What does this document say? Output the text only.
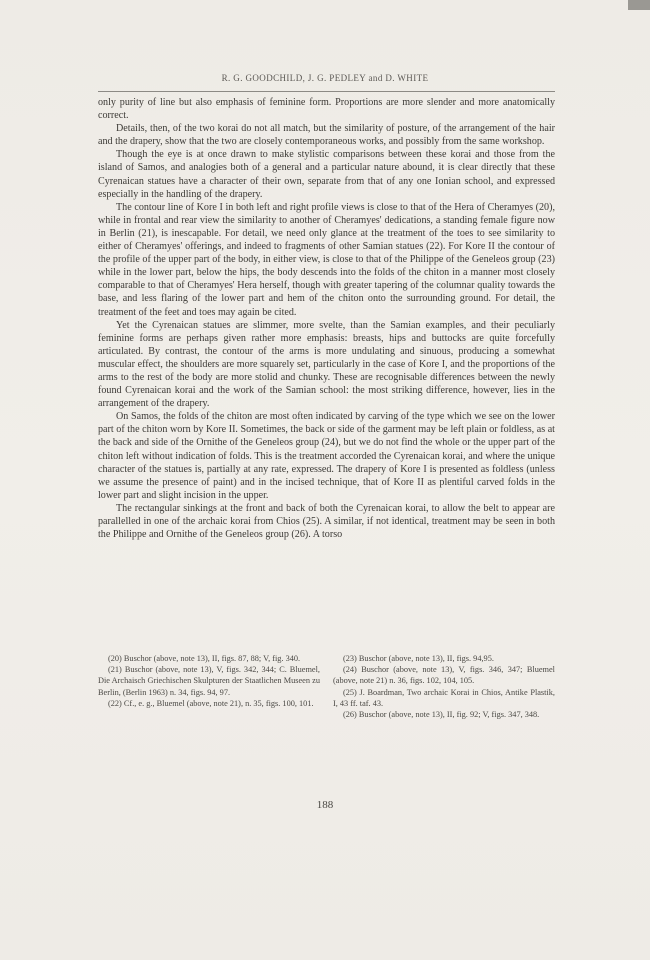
R. G. GOODCHILD, J. G. PEDLEY and D. WHITE

only purity of line but also emphasis of feminine form. Proportions are more slender and more anatomically correct.

Details, then, of the two korai do not all match, but the similarity of posture, of the arrangement of the hair and the drapery, show that the two are closely contemporaneous works, and possibly from the same workshop.

Though the eye is at once drawn to make stylistic comparisons between these korai and those from the island of Samos, and analogies both of a general and a particular nature abound, it is clear directly that these Cyrenaican statues have a character of their own, separate from that of any one Ionian school, and expressed especially in the handling of the drapery.

The contour line of Kore I in both left and right profile views is close to that of the Hera of Cheramyes (20), while in frontal and rear view the similarity to another of Cheramyes' dedications, a standing female figure now in Berlin (21), is inescapable. For detail, we need only glance at the treatment of the toes to see similarity to either of Cheramyes' offerings, and indeed to fragments of other Samian statues (22). For Kore II the contour of the profile of the upper part of the body, in either view, is close to that of the Philippe of the Geneleos group (23) while in the lower part, below the hips, the body descends into the folds of the chiton in a manner most closely comparable to that of Cheramyes' Hera herself, though with greater tapering of the columnar quality towards the base, and less flaring of the lower part and hem of the chiton onto the surrounding ground. For detail, the treatment of the feet and toes may again be cited.

Yet the Cyrenaican statues are slimmer, more svelte, than the Samian examples, and their peculiarly feminine forms are perhaps given rather more emphasis: breasts, hips and buttocks are quite forcefully articulated. By contrast, the contour of the arms is more undulating and sinuous, producing a somewhat muscular effect, the shoulders are more squarely set, particularly in the case of Kore I, and the proportions of the arms to the rest of the body are more stolid and chunky. These are recognisable differences between the newly found Cyrenaican korai and the work of the Samian school: the most striking difference, however, lies in the arrangement of the drapery.

On Samos, the folds of the chiton are most often indicated by carving of the type which we see on the lower part of the chiton worn by Kore II. Sometimes, the back or side of the garment may be left plain or foldless, as at the back and side of the Ornithe of the Geneleos group (24), but we do not find the whole or the upper part of the chiton left without indication of folds. This is the treatment accorded the Cyrenaican korai, and where the unique character of the statues is, partially at any rate, expressed. The drapery of Kore I is presented as foldless (unless we assume the presence of paint) and in the incised technique, that of Kore II as plentiful carved folds in the lower part and slight incision in the upper.

The rectangular sinkings at the front and back of both the Cyrenaican korai, to allow the belt to appear are parallelled in one of the archaic korai from Chios (25). A similar, if not identical, treatment may be seen in both the Philippe and Ornithe of the Geneleos group (26). A torso

(20) Buschor (above, note 13), II, figs. 87, 88; V, fig. 340.

(21) Buschor (above, note 13), V, figs. 342, 344; C. Bluemel, Die Archaisch Griechischen Skulpturen der Staatlichen Museen zu Berlin, (Berlin 1963) n. 34, figs. 94, 97.

(22) Cf., e. g., Bluemel (above, note 21), n. 35, figs. 100, 101.

(23) Buschor (above, note 13), II, figs. 94,95.

(24) Buschor (above, note 13), V, figs. 346, 347; Bluemel (above, note 21) n. 36, figs. 102, 104, 105.

(25) J. Boardman, Two archaic Korai in Chios, Antike Plastik, I, 43 ff. taf. 43.

(26) Buschor (above, note 13), II, fig. 92; V, figs. 347, 348.

188
